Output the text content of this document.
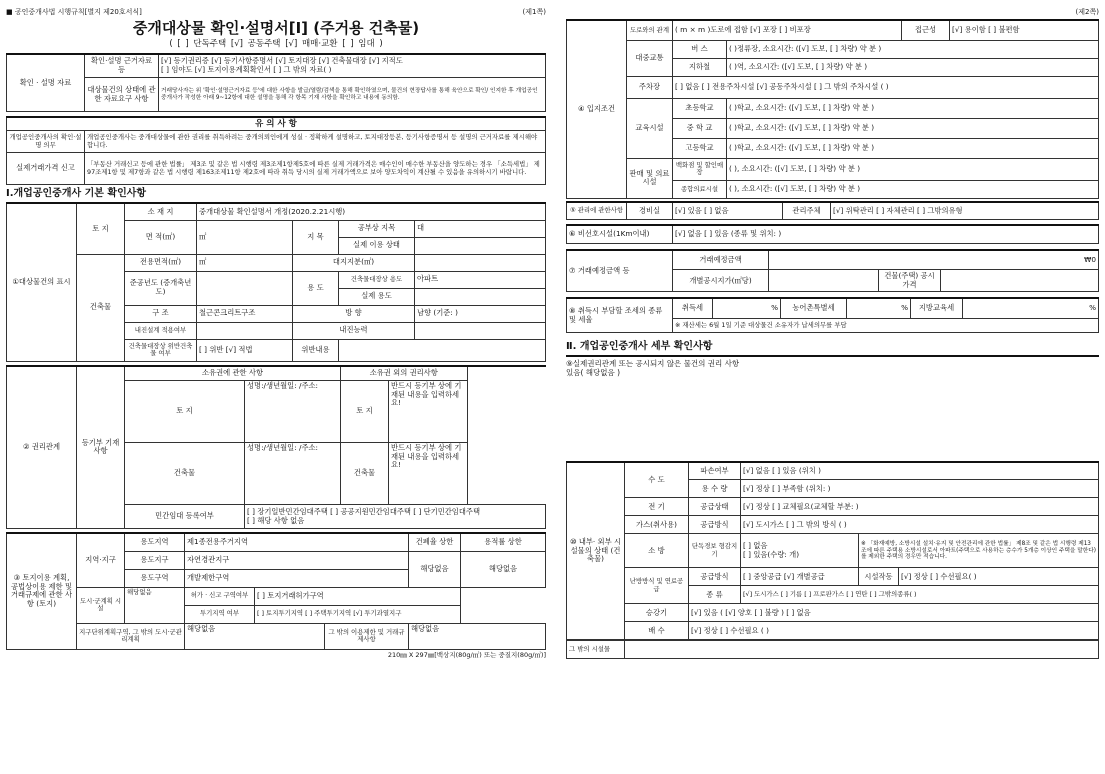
■ 공인중개사법 시행규칙[별지 제20호서식]	(제1쪽)
중개대상물 확인·설명서[Ⅰ] (주거용 건축물)
( [ ] 단독주택 [√] 공동주택 [√] 매매·교환 [ ] 임대 )
확인 · 설명 자료	확인·설명 근거자료 등	[√] 등기권리증 [√] 등기사항증명서 [√] 토지대장 [√] 건축물대장 [√] 지적도
[ ] 임야도 [√] 토지이용계획확인서 [ ] 그 밖의 자료( )

	대상물건의 상태에 관한 자료요구 사항	거래당사자는 위 '확인·설명근거자료 등'에 대한 사항을 발급/열람/검색을 통해 확인하였으며, 물건의 현장답사를 통해 육안으로 확인/ 인지한 후 개업공인중개사가 작성한 아래 9~12항에 대한 설명을 통해 각 항목 기재 사항을 확인하고 내용에 동의함.
유 의 사 항	
개업공인중개사의 확인·설명 의무	개업공인중개사는 중개대상물에 관한 권리를 취득하려는 중개의뢰인에게 성실 · 정확하게 설명하고, 토지대장등본, 등기사항증명서 등 설명의 근거자료를 제시해야 합니다.
실제거래가격 신고	「부동산 거래신고 등에 관한 법률」 제3조 및 같은 법 시행령 제3조제1항제5호에 따른 실제 거래가격은 매수인이 매수한 부동산을 양도하는 경우 「소득세법」 제97조제1항 및 제7항과 같은 법 시행령 제163조제11항 제2호에 따라 취득 당시의 실제 거래가액으로 보아 양도차익이 계산될 수 있음을 유의하시기 바랍니다.
Ⅰ.개업공인중개사 기본 확인사항
①대상물건의 표시	토 지	소 재 지	중개대상물 확인설명서 개정(2020.2.21시행)			
		면 적(㎡)	㎡	지 목	공부상 지목	대
					실제 이용 상태	
	건축물	전용면적(㎡)	㎡	대지지분(㎡)		
		준공년도 (증개축년도)		용 도	건축물대장상 용도	아파트
					실제 용도	
		구 조	철근콘크리트구조	방 향		남향 (기준: )
		내진설계 적용여부		내진능력		
		건축물대장상 위반건축물 여부	[ ] 위반 [√] 적법	위반내용		
② 권리관계	등기부 기재사항	소유권에 관한 사항		소유권 외의 권리사항	
		토 지	성명:/생년월일: /주소:	토 지	반드시 등기부 상에 기재된 내용을 입력하세요!
		건축물	성명:/생년월일: /주소:	건축물	반드시 등기부 상에 기재된 내용을 입력하세요!
		민간임대 등록여부	[ ] 장기일반민간임대주택 [ ] 공공지원민간임대주택 [ ] 단기민간임대주택
[ ] 해당 사항 없음		
③ 토지이용 계획, 공법상이용 제한 및 거래규제에 관한 사항 (토지)	지역·지구	용도지역	제1종전용주거지역			건폐율 상한	용적률 상한
		용도지구	자연경관지구			해당없음	해당없음
		용도구역	개발제한구역				
	도시·군계획 시설	해당없음	허가 · 신고 구역여부	[ ] 토지거래허가구역			
			투기지역 여부	[ ] 토지투기지역 [ ] 주택투기지역 [√] 투기과열지구			
	지구단위계획구역, 그 밖의 도시·군관리계획		해당없음		그 밖의 이용제한 및 거래규제사항	해당없음	
210㎜ X 297㎜[백상지(80g/㎡) 또는 중질지(80g/㎡)]
(제2쪽)
④ 입지조건	도로와의 관계	( m × m )도로에 접함 [√] 포장 [ ] 비포장		접근성	[√] 용이함 [ ] 불편함
	대중교통	버 스	( )정류장, 소요시간: ([√] 도보, [ ] 차량) 약 분 )		
		지하철	( )역, 소요시간: ([√] 도보, [ ] 차량) 약 분 )		
	주차장	[ ] 없음 [ ] 전용주차시설 [√] 공동주차시설 [ ] 그 밖의 주차시설 ( )			
	교육시설	초등학교	( )학교, 소요시간: ([√] 도보, [ ] 차량) 약 분 )		
		중 학 교	( )학교, 소요시간: ([√] 도보, [ ] 차량) 약 분 )		
		고등학교	( )학교, 소요시간: ([√] 도보, [ ] 차량) 약 분 )		
	판매 및 의료시설	백화점 및 할인매장	( ), 소요시간: ([√] 도보, [ ] 차량) 약 분 )		
		종합의료시설	( ), 소요시간: ([√] 도보, [ ] 차량) 약 분 )		
⑤ 관리에 관한사항	경비실	[√] 있음 [ ] 없음	관리주체	[√] 위탁관리 [ ] 자체관리 [ ] 그밖의유형
⑥ 비선호시설(1Km이내)	[√] 없음 [ ] 있음 (종류 및 위치: )
⑦ 거래예정금액 등	거래예정금액	₩0		
	개별공시지가(㎡당)		건물(주택) 공시가격	
⑧ 취득시 부담할 조세의 종류 및 세율	취득세	%	농어촌특별세	%	지방교육세	%
※ 재산세는 6월 1일 기준 대상물건 소유자가 납세의무를 부담
Ⅱ. 개업공인중개사 세부 확인사항
⑨실제권리관계 또는 공시되지 않은 물건의 권리 사항
있음( 해당없음 )
⑩ 내부· 외부 시설물의 상태 (건축물)	수 도	파손여부	[√] 없음 [ ] 있음 (위치 )		
		용 수 량	[√] 정상 [ ] 부족함 (위치: )		
	전 기	공급상태	[√] 정상 [ ] 교체필요(교체할 부분: )		
	가스(취사용)	공급방식	[√] 도시가스 [ ] 그 밖의 방식 ( )		
	소 방	단독경보 형감지기	[ ] 없음
[ ] 있음(수량: 개)	※ 「화재예방, 소방시설 설치·유지 및 안전관리에 관한 법률」 제8조 및 같은 법 시행령 제13조에 따른 주택용 소방시설로서 아파트(주택으로 사용하는 층수가 5개층 이상인 주택을 말한다)를 제외한 주택의 경우만 적습니다.	
	난방방식 및 연료공급	공급방식	[ ] 중앙공급 [√] 개별공급	시설작동	[√] 정상 [ ] 수선필요( )
		종 류	[√] 도시가스 [ ] 기름 [ ] 프로판가스 [ ] 연탄 [ ] 그밖의종류( )		
	승강기	[√] 있음 ( [√] 양호 [ ] 불량 ) [ ] 없음			
	배 수	[√] 정상 [ ] 수선필요 ( )			
그 밖의 시설물	
